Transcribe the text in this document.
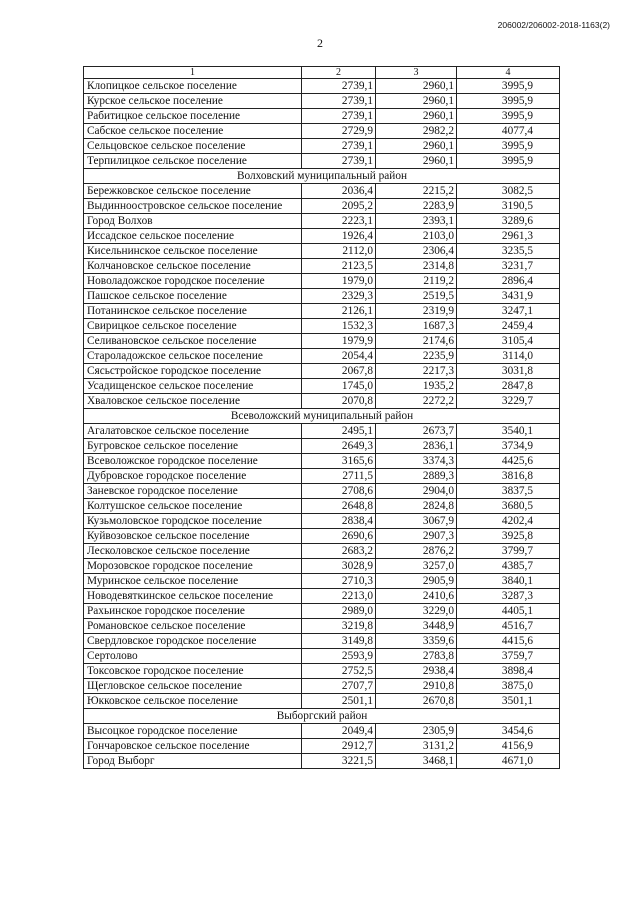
206002/206002-2018-1163(2)
2
1	2	3	4
Клопицкое сельское поселение	2739,1	2960,1	3995,9
Курское сельское поселение	2739,1	2960,1	3995,9
Рабитицкое сельское поселение	2739,1	2960,1	3995,9
Сабское сельское поселение	2729,9	2982,2	4077,4
Сельцовское сельское поселение	2739,1	2960,1	3995,9
Терпилицкое сельское поселение	2739,1	2960,1	3995,9
Волховский муниципальный район			
Бережковское сельское поселение	2036,4	2215,2	3082,5
Выдинноостровское сельское поселение	2095,2	2283,9	3190,5
Город Волхов	2223,1	2393,1	3289,6
Иссадское сельское поселение	1926,4	2103,0	2961,3
Кисельнинское сельское поселение	2112,0	2306,4	3235,5
Колчановское сельское поселение	2123,5	2314,8	3231,7
Новоладожское городское поселение	1979,0	2119,2	2896,4
Пашское сельское поселение	2329,3	2519,5	3431,9
Потанинское сельское поселение	2126,1	2319,9	3247,1
Свирицкое сельское поселение	1532,3	1687,3	2459,4
Селивановское сельское поселение	1979,9	2174,6	3105,4
Староладожское сельское поселение	2054,4	2235,9	3114,0
Сясьстройское городское поселение	2067,8	2217,3	3031,8
Усадищенское сельское поселение	1745,0	1935,2	2847,8
Хваловское сельское поселение	2070,8	2272,2	3229,7
Всеволожский муниципальный район			
Агалатовское сельское поселение	2495,1	2673,7	3540,1
Бугровское сельское поселение	2649,3	2836,1	3734,9
Всеволожское городское поселение	3165,6	3374,3	4425,6
Дубровское городское поселение	2711,5	2889,3	3816,8
Заневское городское поселение	2708,6	2904,0	3837,5
Колтушское сельское поселение	2648,8	2824,8	3680,5
Кузьмоловское городское поселение	2838,4	3067,9	4202,4
Куйвозовское сельское поселение	2690,6	2907,3	3925,8
Лесколовское сельское поселение	2683,2	2876,2	3799,7
Морозовское городское поселение	3028,9	3257,0	4385,7
Муринское сельское поселение	2710,3	2905,9	3840,1
Новодевяткинское сельское поселение	2213,0	2410,6	3287,3
Рахьинское городское поселение	2989,0	3229,0	4405,1
Романовское сельское поселение	3219,8	3448,9	4516,7
Свердловское городское поселение	3149,8	3359,6	4415,6
Сертолово	2593,9	2783,8	3759,7
Токсовское городское поселение	2752,5	2938,4	3898,4
Щегловское сельское поселение	2707,7	2910,8	3875,0
Юкковское сельское поселение	2501,1	2670,8	3501,1
Выборгский район			
Высоцкое городское поселение	2049,4	2305,9	3454,6
Гончаровское сельское поселение	2912,7	3131,2	4156,9
Город Выборг	3221,5	3468,1	4671,0
